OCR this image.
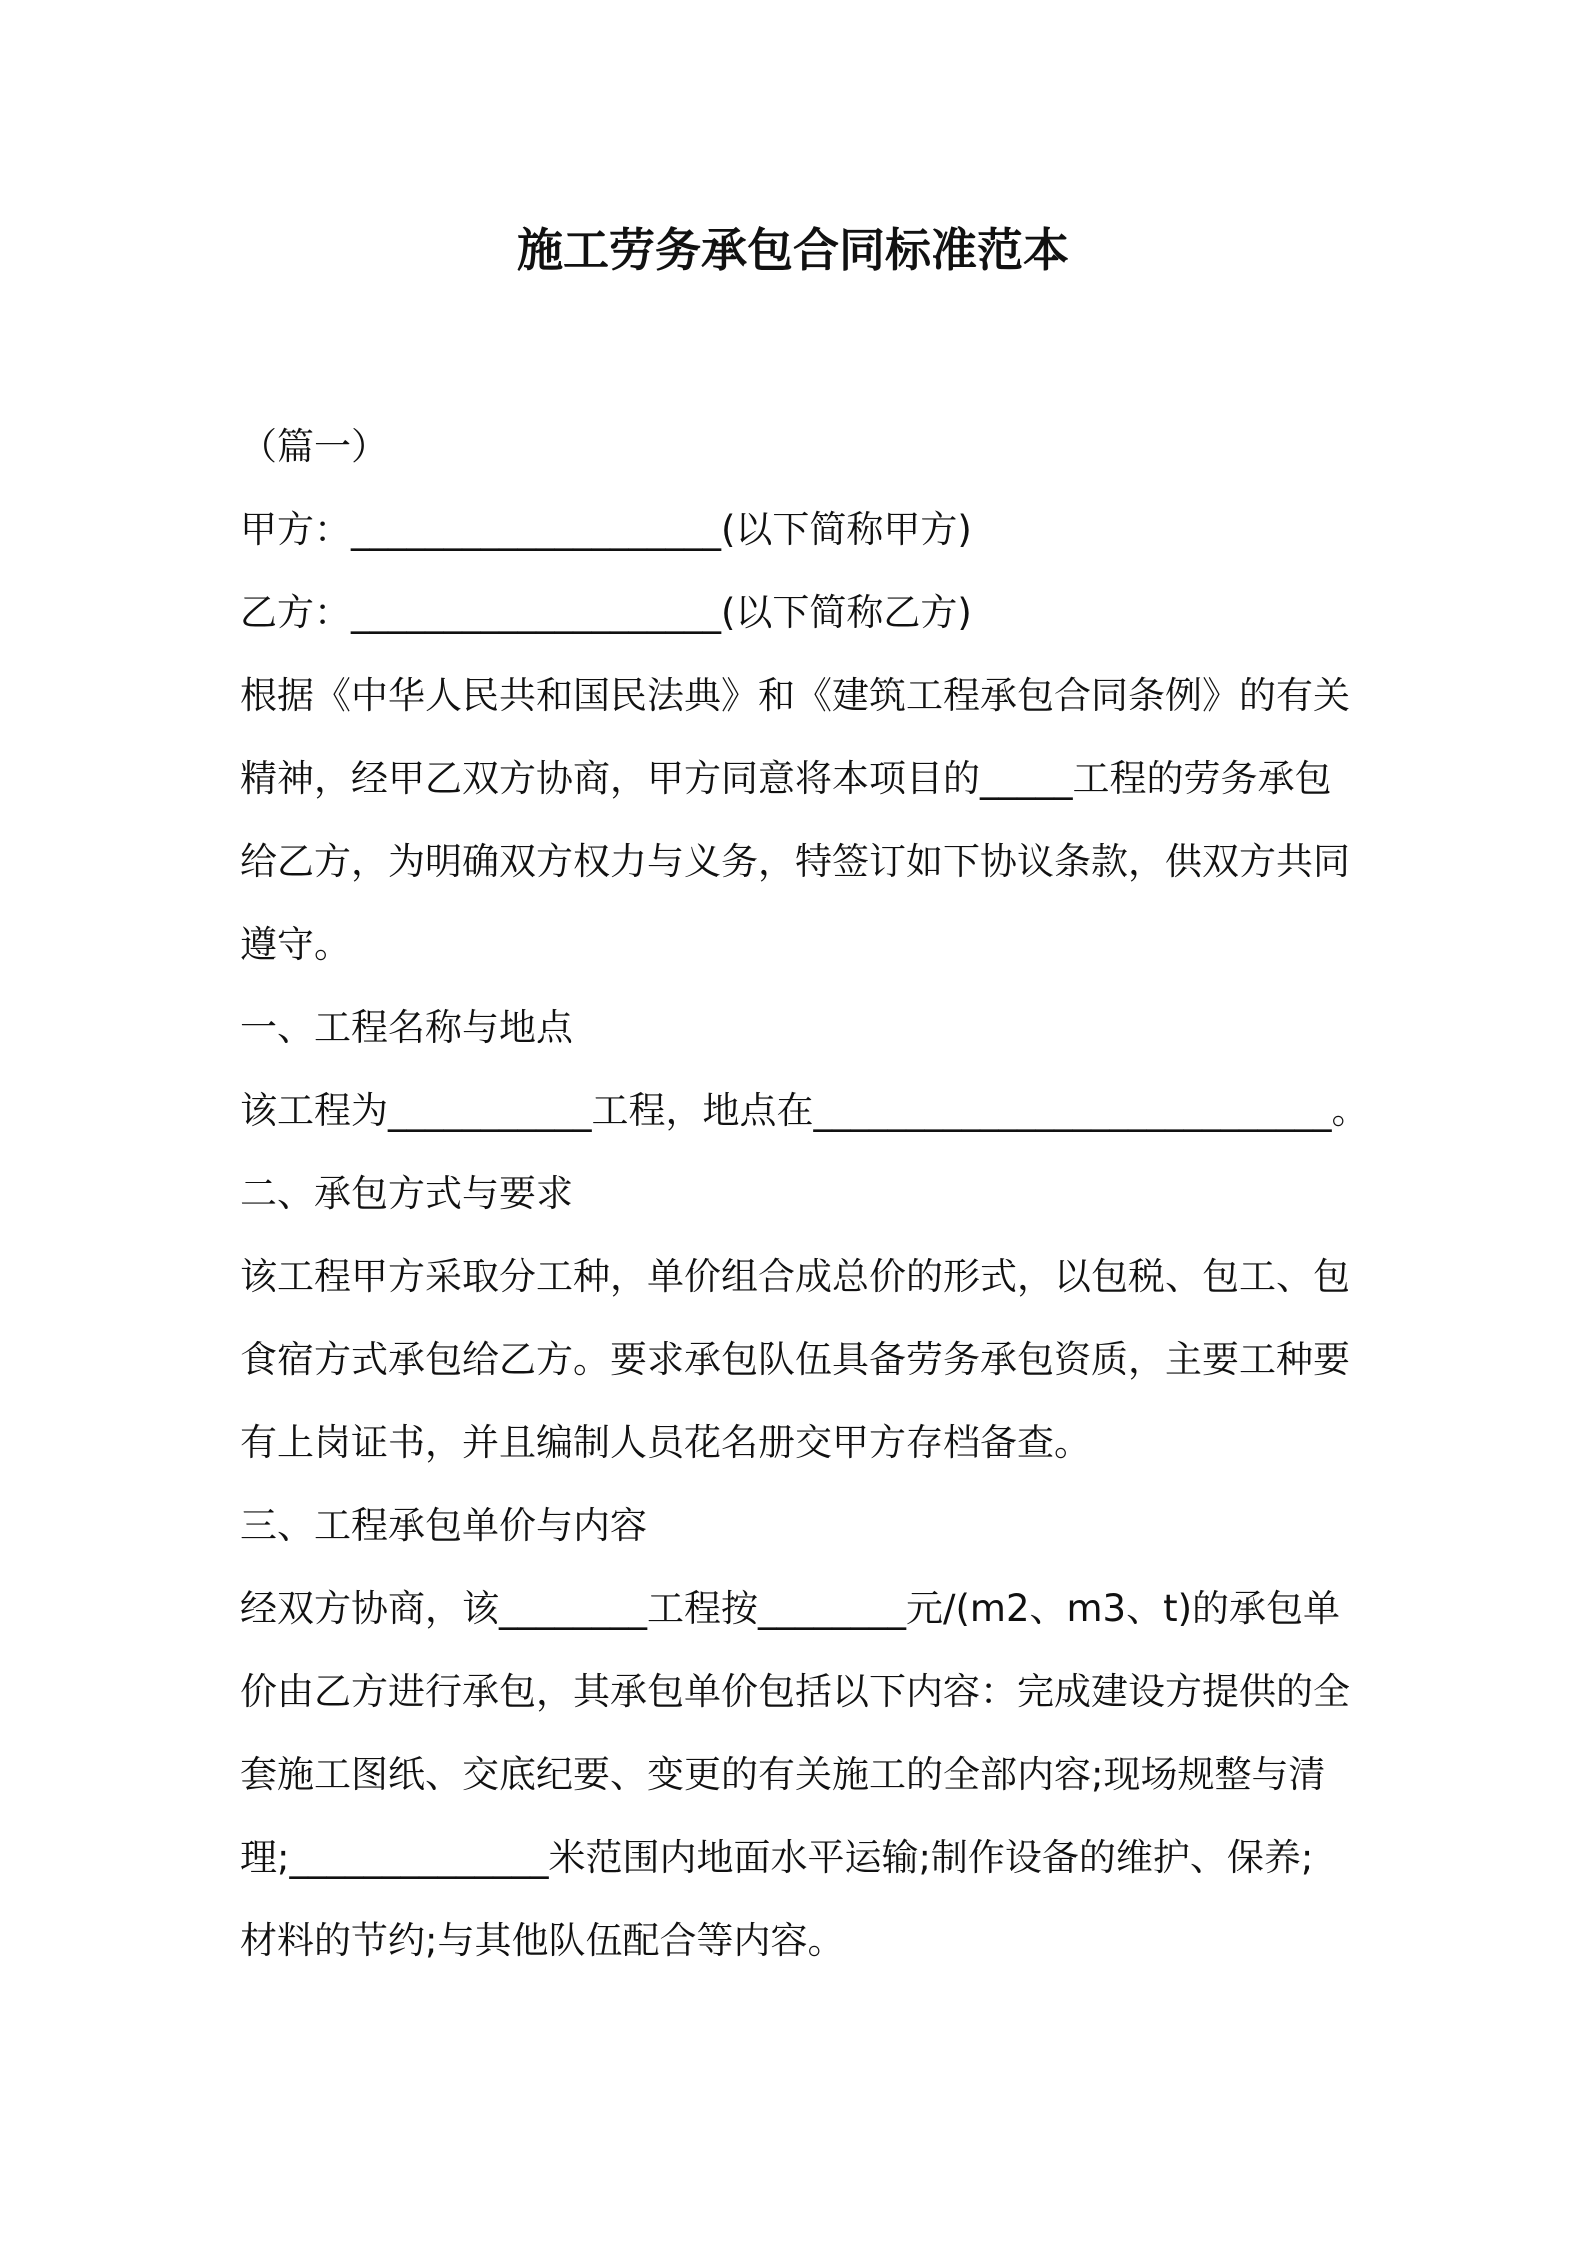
施工劳务承包合同标准范本

（篇一）

甲方：____________________(以下简称甲方)

乙方：____________________(以下简称乙方)

根据《中华人民共和国民法典》和《建筑工程承包合同条例》的有关

精神，经甲乙双方协商，甲方同意将本项目的_____工程的劳务承包

给乙方，为明确双方权力与义务，特签订如下协议条款，供双方共同

遵守。

一、工程名称与地点

该工程为___________工程，地点在____________________________。

二、承包方式与要求

该工程甲方采取分工种，单价组合成总价的形式，以包税、包工、包

食宿方式承包给乙方。要求承包队伍具备劳务承包资质，主要工种要

有上岗证书，并且编制人员花名册交甲方存档备查。

三、工程承包单价与内容

经双方协商，该________工程按________元/(m2、m3、t)的承包单

价由乙方进行承包，其承包单价包括以下内容：完成建设方提供的全

套施工图纸、交底纪要、变更的有关施工的全部内容;现场规整与清

理;______________米范围内地面水平运输;制作设备的维护、保养;

材料的节约;与其他队伍配合等内容。
